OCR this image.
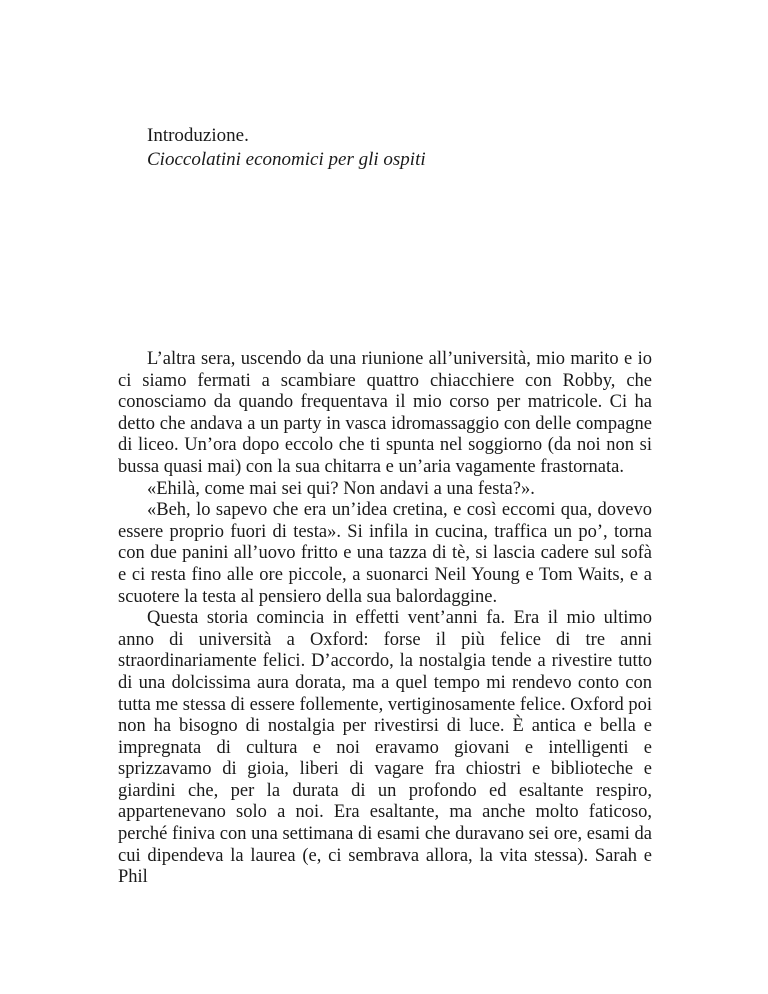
Introduzione.
Cioccolatini economici per gli ospiti

L’altra sera, uscendo da una riunione all’università, mio marito e io ci siamo fermati a scambiare quattro chiacchiere con Robby, che conosciamo da quando frequentava il mio corso per matricole. Ci ha detto che andava a un party in vasca idromassaggio con delle compagne di liceo. Un’ora dopo eccolo che ti spunta nel soggiorno (da noi non si bussa quasi mai) con la sua chitarra e un’aria vagamente frastornata.

«Ehilà, come mai sei qui? Non andavi a una festa?».

«Beh, lo sapevo che era un’idea cretina, e così eccomi qua, dovevo essere proprio fuori di testa». Si infila in cucina, traffica un po’, torna con due panini all’uovo fritto e una tazza di tè, si lascia cadere sul sofà e ci resta fino alle ore piccole, a suonarci Neil Young e Tom Waits, e a scuotere la testa al pensiero della sua balordaggine.

Questa storia comincia in effetti vent’anni fa. Era il mio ultimo anno di università a Oxford: forse il più felice di tre anni straordinariamente felici. D’accordo, la nostalgia tende a rivestire tutto di una dolcissima aura dorata, ma a quel tempo mi rendevo conto con tutta me stessa di essere follemente, vertiginosamente felice. Oxford poi non ha bisogno di nostalgia per rivestirsi di luce. È antica e bella e impregnata di cultura e noi eravamo giovani e intelligenti e sprizzavamo di gioia, liberi di vagare fra chiostri e biblioteche e giardini che, per la durata di un profondo ed esaltante respiro, appartenevano solo a noi. Era esaltante, ma anche molto faticoso, perché finiva con una settimana di esami che duravano sei ore, esami da cui dipendeva la laurea (e, ci sembrava allora, la vita stessa). Sarah e Phil
